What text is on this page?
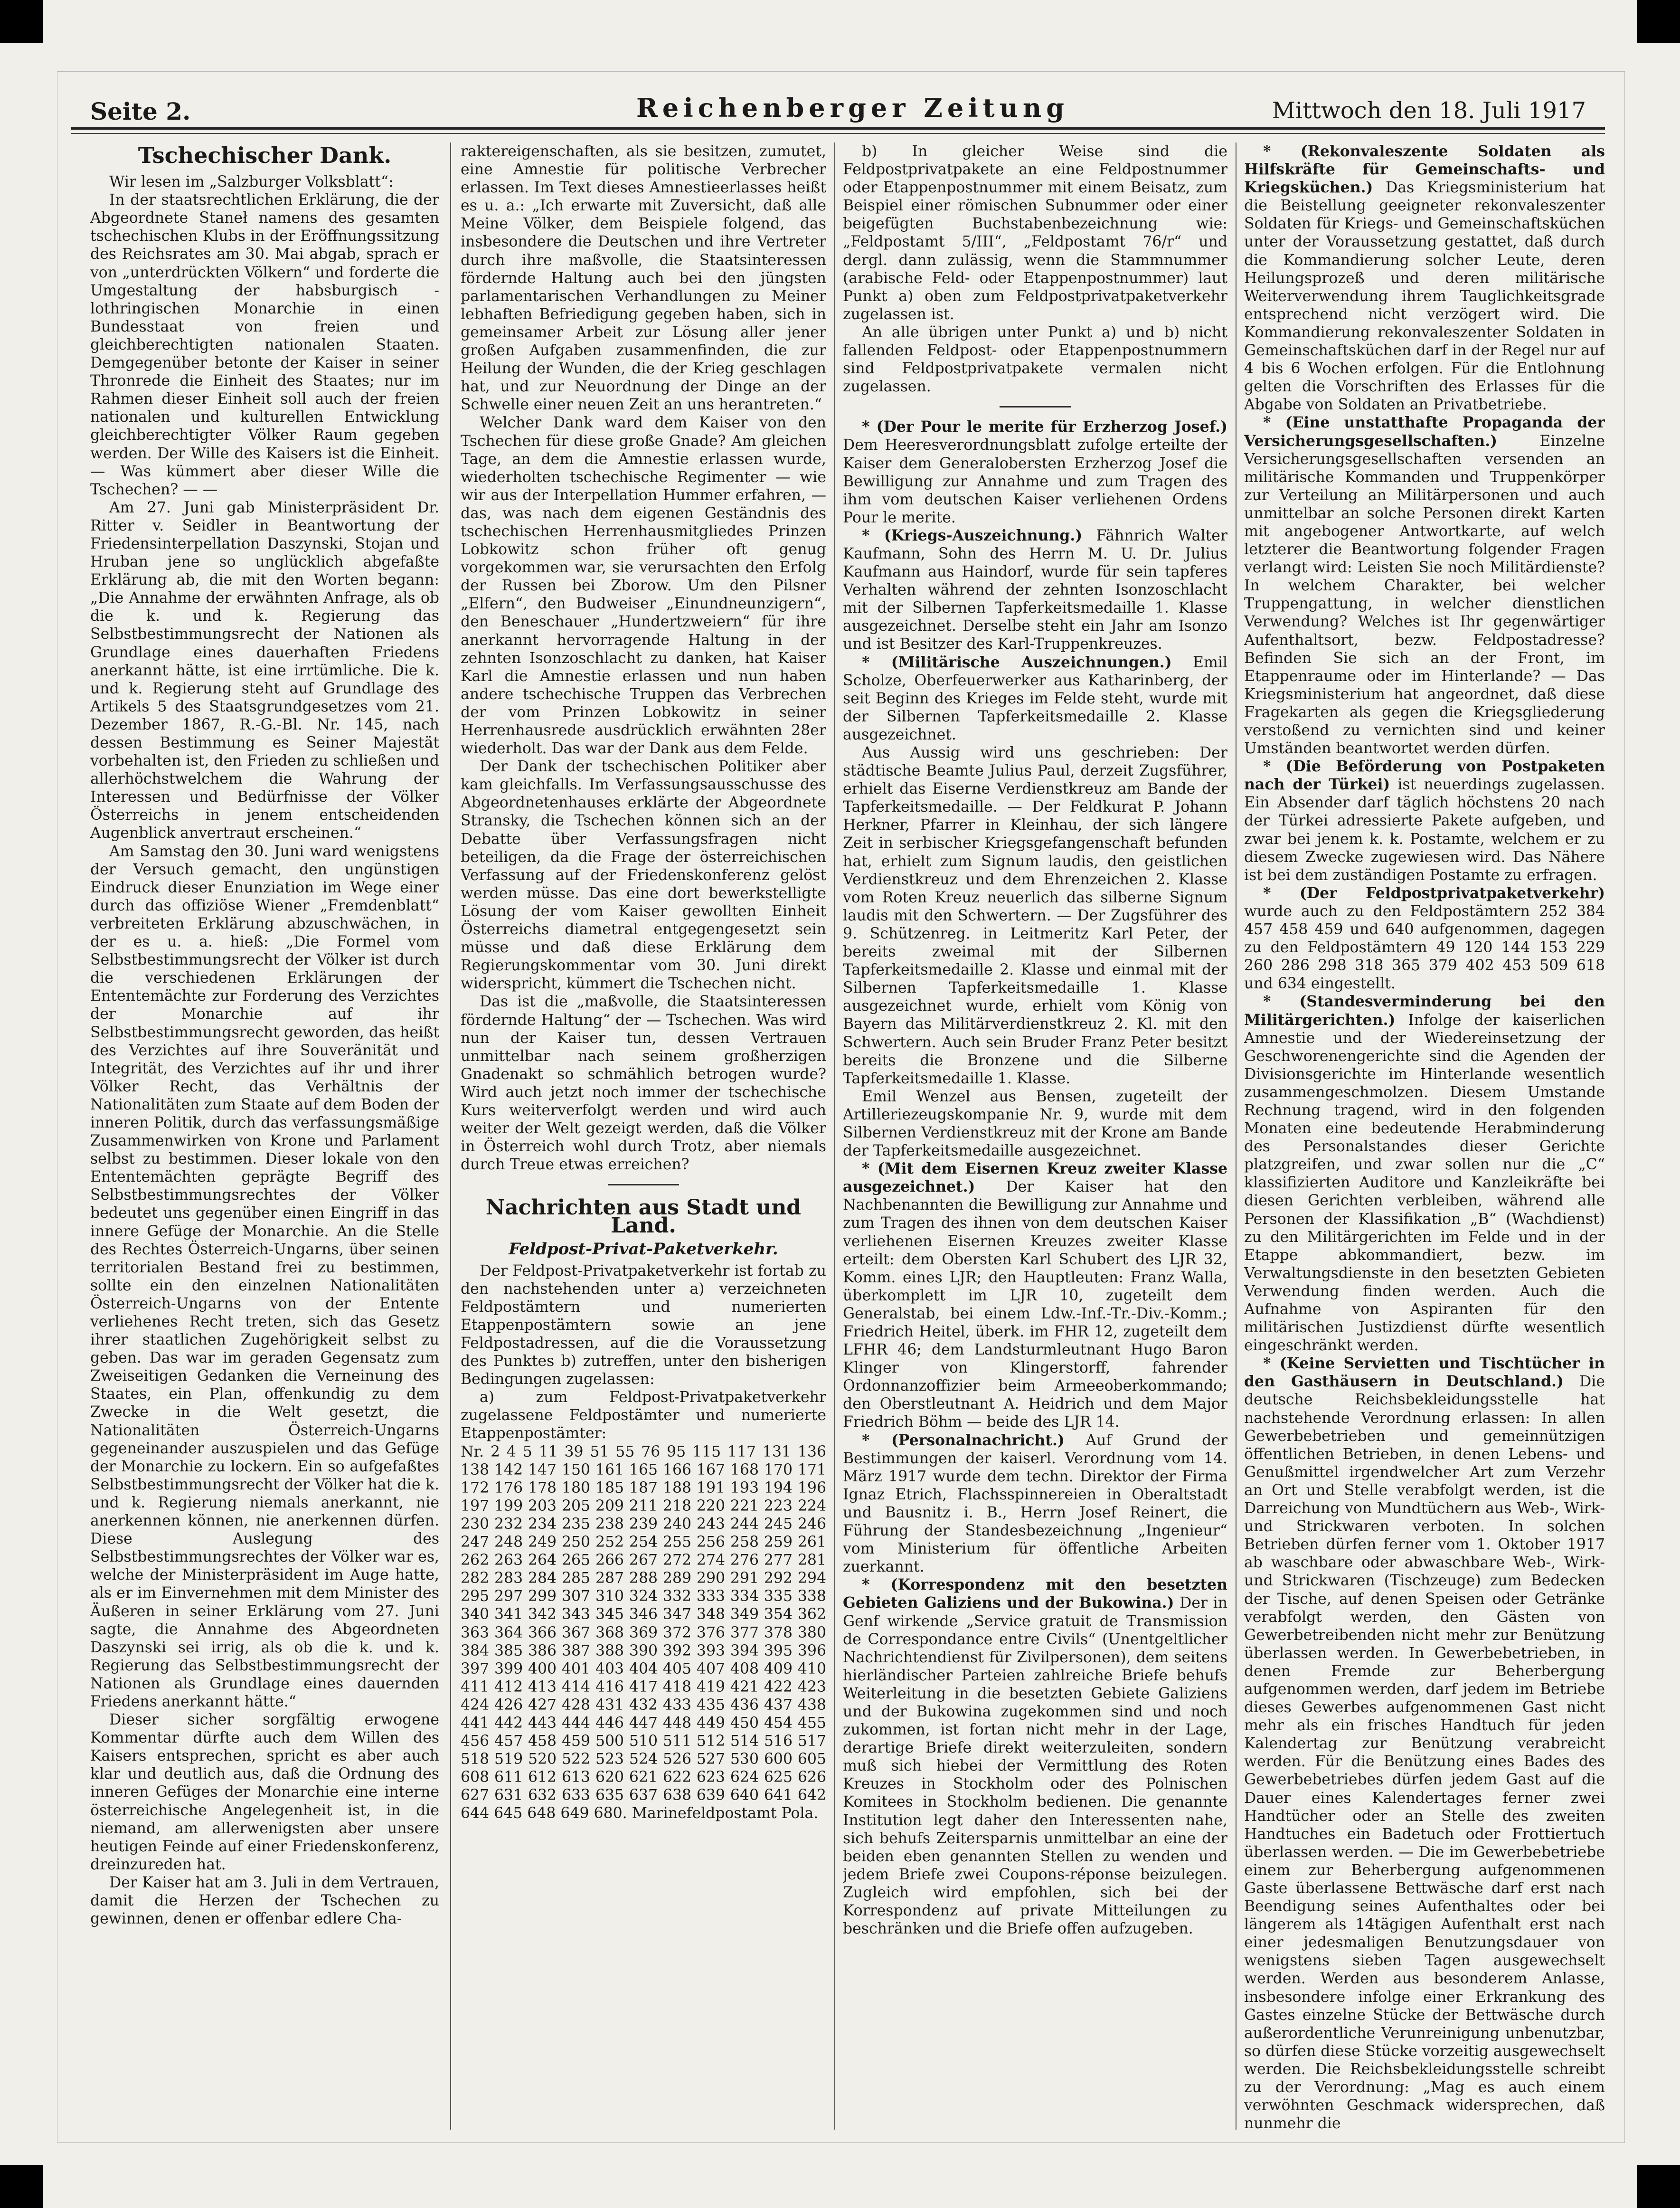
Seite 2.	Reichenberger Zeitung	Mittwoch den 18. Juli 1917
Tschechischer Dank.

Wir lesen im „Salzburger Volksblatt“:

In der staatsrechtlichen Erklärung, die der Abgeordnete Staneł namens des gesamten tschechischen Klubs in der Eröffnungssitzung des Reichsrates am 30. Mai abgab, sprach er von „unterdrückten Völkern“ und forderte die Umgestaltung der habsburgisch - lothringischen Monarchie in einen Bundesstaat von freien und gleichberechtigten nationalen Staaten. Demgegenüber betonte der Kaiser in seiner Thronrede die Einheit des Staates; nur im Rahmen dieser Einheit soll auch der freien nationalen und kulturellen Entwicklung gleichberechtigter Völker Raum gegeben werden. Der Wille des Kaisers ist die Einheit. — Was kümmert aber dieser Wille die Tschechen? — —

Am 27. Juni gab Ministerpräsident Dr. Ritter v. Seidler in Beantwortung der Friedensinterpellation Daszynski, Stojan und Hruban jene so unglücklich abgefaßte Erklärung ab, die mit den Worten begann: „Die Annahme der erwähnten Anfrage, als ob die k. und k. Regierung das Selbstbestimmungsrecht der Nationen als Grundlage eines dauerhaften Friedens anerkannt hätte, ist eine irrtümliche. Die k. und k. Regierung steht auf Grundlage des Artikels 5 des Staatsgrundgesetzes vom 21. Dezember 1867, R.-G.-Bl. Nr. 145, nach dessen Bestimmung es Seiner Majestät vorbehalten ist, den Frieden zu schließen und allerhöchstwelchem die Wahrung der Interessen und Bedürfnisse der Völker Österreichs in jenem entscheidenden Augenblick anvertraut erscheinen.“

Am Samstag den 30. Juni ward wenigstens der Versuch gemacht, den ungünstigen Eindruck dieser Enunziation im Wege einer durch das offiziöse Wiener „Fremdenblatt“ verbreiteten Erklärung abzuschwächen, in der es u. a. hieß: „Die Formel vom Selbstbestimmungsrecht der Völker ist durch die verschiedenen Erklärungen der Ententemächte zur Forderung des Verzichtes der Monarchie auf ihr Selbstbestimmungsrecht geworden, das heißt des Verzichtes auf ihre Souveränität und Integrität, des Verzichtes auf ihr und ihrer Völker Recht, das Verhältnis der Nationalitäten zum Staate auf dem Boden der inneren Politik, durch das verfassungsmäßige Zusammenwirken von Krone und Parlament selbst zu bestimmen. Dieser lokale von den Ententemächten geprägte Begriff des Selbstbestimmungsrechtes der Völker bedeutet uns gegenüber einen Eingriff in das innere Gefüge der Monarchie. An die Stelle des Rechtes Österreich-Ungarns, über seinen territorialen Bestand frei zu bestimmen, sollte ein den einzelnen Nationalitäten Österreich-Ungarns von der Entente verliehenes Recht treten, sich das Gesetz ihrer staatlichen Zugehörigkeit selbst zu geben. Das war im geraden Gegensatz zum Zweiseitigen Gedanken die Verneinung des Staates, ein Plan, offenkundig zu dem Zwecke in die Welt gesetzt, die Nationalitäten Österreich-Ungarns gegeneinander auszuspielen und das Gefüge der Monarchie zu lockern. Ein so aufgefaßtes Selbstbestimmungsrecht der Völker hat die k. und k. Regierung niemals anerkannt, nie anerkennen können, nie anerkennen dürfen. Diese Auslegung des Selbstbestimmungsrechtes der Völker war es, welche der Ministerpräsident im Auge hatte, als er im Einvernehmen mit dem Minister des Äußeren in seiner Erklärung vom 27. Juni sagte, die Annahme des Abgeordneten Daszynski sei irrig, als ob die k. und k. Regierung das Selbstbestimmungsrecht der Nationen als Grundlage eines dauernden Friedens anerkannt hätte.“

Dieser sicher sorgfältig erwogene Kommentar dürfte auch dem Willen des Kaisers entsprechen, spricht es aber auch klar und deutlich aus, daß die Ordnung des inneren Gefüges der Monarchie eine interne österreichische Angelegenheit ist, in die niemand, am allerwenigsten aber unsere heutigen Feinde auf einer Friedenskonferenz, dreinzureden hat.

Der Kaiser hat am 3. Juli in dem Vertrauen, damit die Herzen der Tschechen zu gewinnen, denen er offenbar edlere Cha-

raktereigenschaften, als sie besitzen, zumutet, eine Amnestie für politische Verbrecher erlassen. Im Text dieses Amnestieerlasses heißt es u. a.: „Ich erwarte mit Zuversicht, daß alle Meine Völker, dem Beispiele folgend, das insbesondere die Deutschen und ihre Vertreter durch ihre maßvolle, die Staatsinteressen fördernde Haltung auch bei den jüngsten parlamentarischen Verhandlungen zu Meiner lebhaften Befriedigung gegeben haben, sich in gemeinsamer Arbeit zur Lösung aller jener großen Aufgaben zusammenfinden, die zur Heilung der Wunden, die der Krieg geschlagen hat, und zur Neuordnung der Dinge an der Schwelle einer neuen Zeit an uns herantreten.“

Welcher Dank ward dem Kaiser von den Tschechen für diese große Gnade? Am gleichen Tage, an dem die Amnestie erlassen wurde, wiederholten tschechische Regimenter — wie wir aus der Interpellation Hummer erfahren, — das, was nach dem eigenen Geständnis des tschechischen Herrenhausmitgliedes Prinzen Lobkowitz schon früher oft genug vorgekommen war, sie verursachten den Erfolg der Russen bei Zborow. Um den Pilsner „Elfern“, den Budweiser „Einundneunzigern“, den Beneschauer „Hundertzweiern“ für ihre anerkannt hervorragende Haltung in der zehnten Isonzoschlacht zu danken, hat Kaiser Karl die Amnestie erlassen und nun haben andere tschechische Truppen das Verbrechen der vom Prinzen Lobkowitz in seiner Herrenhausrede ausdrücklich erwähnten 28er wiederholt. Das war der Dank aus dem Felde.

Der Dank der tschechischen Politiker aber kam gleichfalls. Im Verfassungsausschusse des Abgeordnetenhauses erklärte der Abgeordnete Stransky, die Tschechen können sich an der Debatte über Verfassungsfragen nicht beteiligen, da die Frage der österreichischen Verfassung auf der Friedenskonferenz gelöst werden müsse. Das eine dort bewerkstelligte Lösung der vom Kaiser gewollten Einheit Österreichs diametral entgegengesetzt sein müsse und daß diese Erklärung dem Regierungskommentar vom 30. Juni direkt widerspricht, kümmert die Tschechen nicht.

Das ist die „maßvolle, die Staatsinteressen fördernde Haltung“ der — Tschechen. Was wird nun der Kaiser tun, dessen Vertrauen unmittelbar nach seinem großherzigen Gnadenakt so schmählich betrogen wurde? Wird auch jetzt noch immer der tschechische Kurs weiterverfolgt werden und wird auch weiter der Welt gezeigt werden, daß die Völker in Österreich wohl durch Trotz, aber niemals durch Treue etwas erreichen?

Nachrichten aus Stadt und Land.
Feldpost-Privat-Paketverkehr.

Der Feldpost-Privatpaketverkehr ist fortab zu den nachstehenden unter a) verzeichneten Feldpostämtern und numerierten Etappenpostämtern sowie an jene Feldpostadressen, auf die die Voraussetzung des Punktes b) zutreffen, unter den bisherigen Bedingungen zugelassen:

a) zum Feldpost-Privatpaketverkehr zugelassene Feldpostämter und numerierte Etappenpostämter:

Nr. 2 4 5 11 39 51 55 76 95 115 117 131 136 138 142 147 150 161 165 166 167 168 170 171 172 176 178 180 185 187 188 191 193 194 196 197 199 203 205 209 211 218 220 221 223 224 230 232 234 235 238 239 240 243 244 245 246 247 248 249 250 252 254 255 256 258 259 261 262 263 264 265 266 267 272 274 276 277 281 282 283 284 285 287 288 289 290 291 292 294 295 297 299 307 310 324 332 333 334 335 338 340 341 342 343 345 346 347 348 349 354 362 363 364 366 367 368 369 372 376 377 378 380 384 385 386 387 388 390 392 393 394 395 396 397 399 400 401 403 404 405 407 408 409 410 411 412 413 414 416 417 418 419 421 422 423 424 426 427 428 431 432 433 435 436 437 438 441 442 443 444 446 447 448 449 450 454 455 456 457 458 459 500 510 511 512 514 516 517 518 519 520 522 523 524 526 527 530 600 605 608 611 612 613 620 621 622 623 624 625 626 627 631 632 633 635 637 638 639 640 641 642 644 645 648 649 680. Marinefeldpostamt Pola.

b) In gleicher Weise sind die Feldpostprivatpakete an eine Feldpostnummer oder Etappenpostnummer mit einem Beisatz, zum Beispiel einer römischen Subnummer oder einer beigefügten Buchstabenbezeichnung wie: „Feldpostamt 5/III“, „Feldpostamt 76/r“ und dergl. dann zulässig, wenn die Stammnummer (arabische Feld- oder Etappenpostnummer) laut Punkt a) oben zum Feldpostprivatpaketverkehr zugelassen ist.

An alle übrigen unter Punkt a) und b) nicht fallenden Feldpost- oder Etappenpostnummern sind Feldpostprivatpakete vermalen nicht zugelassen.

* (Der Pour le merite für Erzherzog Josef.) Dem Heeresverordnungsblatt zufolge erteilte der Kaiser dem Generalobersten Erzherzog Josef die Bewilligung zur Annahme und zum Tragen des ihm vom deutschen Kaiser verliehenen Ordens Pour le merite.

* (Kriegs-Auszeichnung.) Fähnrich Walter Kaufmann, Sohn des Herrn M. U. Dr. Julius Kaufmann aus Haindorf, wurde für sein tapferes Verhalten während der zehnten Isonzoschlacht mit der Silbernen Tapferkeitsmedaille 1. Klasse ausgezeichnet. Derselbe steht ein Jahr am Isonzo und ist Besitzer des Karl-Truppenkreuzes.

* (Militärische Auszeichnungen.) Emil Scholze, Oberfeuerwerker aus Katharinberg, der seit Beginn des Krieges im Felde steht, wurde mit der Silbernen Tapferkeitsmedaille 2. Klasse ausgezeichnet.

Aus Aussig wird uns geschrieben: Der städtische Beamte Julius Paul, derzeit Zugsführer, erhielt das Eiserne Verdienstkreuz am Bande der Tapferkeitsmedaille. — Der Feldkurat P. Johann Herkner, Pfarrer in Kleinhau, der sich längere Zeit in serbischer Kriegsgefangenschaft befunden hat, erhielt zum Signum laudis, den geistlichen Verdienstkreuz und dem Ehrenzeichen 2. Klasse vom Roten Kreuz neuerlich das silberne Signum laudis mit den Schwertern. — Der Zugsführer des 9. Schützenreg. in Leitmeritz Karl Peter, der bereits zweimal mit der Silbernen Tapferkeitsmedaille 2. Klasse und einmal mit der Silbernen Tapferkeitsmedaille 1. Klasse ausgezeichnet wurde, erhielt vom König von Bayern das Militärverdienstkreuz 2. Kl. mit den Schwertern. Auch sein Bruder Franz Peter besitzt bereits die Bronzene und die Silberne Tapferkeitsmedaille 1. Klasse.

Emil Wenzel aus Bensen, zugeteilt der Artilleriezeugskompanie Nr. 9, wurde mit dem Silbernen Verdienstkreuz mit der Krone am Bande der Tapferkeitsmedaille ausgezeichnet.

* (Mit dem Eisernen Kreuz zweiter Klasse ausgezeichnet.) Der Kaiser hat den Nachbenannten die Bewilligung zur Annahme und zum Tragen des ihnen von dem deutschen Kaiser verliehenen Eisernen Kreuzes zweiter Klasse erteilt: dem Obersten Karl Schubert des LJR 32, Komm. eines LJR; den Hauptleuten: Franz Walla, überkomplett im LJR 10, zugeteilt dem Generalstab, bei einem Ldw.-Inf.-Tr.-Div.-Komm.; Friedrich Heitel, überk. im FHR 12, zugeteilt dem LFHR 46; dem Landsturmleutnant Hugo Baron Klinger von Klingerstorff, fahrender Ordonnanzoffizier beim Armeeoberkommando; den Oberstleutnant A. Heidrich und dem Major Friedrich Böhm — beide des LJR 14.

* (Personalnachricht.) Auf Grund der Bestimmungen der kaiserl. Verordnung vom 14. März 1917 wurde dem techn. Direktor der Firma Ignaz Etrich, Flachsspinnereien in Oberaltstadt und Bausnitz i. B., Herrn Josef Reinert, die Führung der Standesbezeichnung „Ingenieur“ vom Ministerium für öffentliche Arbeiten zuerkannt.

* (Korrespondenz mit den besetzten Gebieten Galiziens und der Bukowina.) Der in Genf wirkende „Service gratuit de Transmission de Correspondance entre Civils“ (Unentgeltlicher Nachrichtendienst für Zivilpersonen), dem seitens hierländischer Parteien zahlreiche Briefe behufs Weiterleitung in die besetzten Gebiete Galiziens und der Bukowina zugekommen sind und noch zukommen, ist fortan nicht mehr in der Lage, derartige Briefe direkt weiterzuleiten, sondern muß sich hiebei der Vermittlung des Roten Kreuzes in Stockholm oder des Polnischen Komitees in Stockholm bedienen. Die genannte Institution legt daher den Interessenten nahe, sich behufs Zeitersparnis unmittelbar an eine der beiden eben genannten Stellen zu wenden und jedem Briefe zwei Coupons-réponse beizulegen. Zugleich wird empfohlen, sich bei der Korrespondenz auf private Mitteilungen zu beschränken und die Briefe offen aufzugeben.

* (Rekonvaleszente Soldaten als Hilfskräfte für Gemeinschafts- und Kriegsküchen.) Das Kriegsministerium hat die Beistellung geeigneter rekonvaleszenter Soldaten für Kriegs- und Gemeinschaftsküchen unter der Voraussetzung gestattet, daß durch die Kommandierung solcher Leute, deren Heilungsprozeß und deren militärische Weiterverwendung ihrem Tauglichkeitsgrade entsprechend nicht verzögert wird. Die Kommandierung rekonvaleszenter Soldaten in Gemeinschaftsküchen darf in der Regel nur auf 4 bis 6 Wochen erfolgen. Für die Entlohnung gelten die Vorschriften des Erlasses für die Abgabe von Soldaten an Privatbetriebe.

* (Eine unstatthafte Propaganda der Versicherungsgesellschaften.)	Einzelne Versicherungsgesellschaften versenden an militärische Kommanden und Truppenkörper zur Verteilung an Militärpersonen und auch unmittelbar an solche Personen direkt Karten mit angebogener Antwortkarte, auf welch letzterer die Beantwortung folgender Fragen verlangt wird: Leisten Sie noch Militärdienste? In welchem Charakter, bei welcher Truppengattung, in welcher dienstlichen Verwendung? Welches ist Ihr gegenwärtiger Aufenthaltsort, bezw. Feldpostadresse? Befinden Sie sich an der Front, im Etappenraume oder im Hinterlande? — Das Kriegsministerium hat angeordnet, daß diese Fragekarten als gegen die Kriegsgliederung verstoßend zu vernichten sind und keiner Umständen beantwortet werden dürfen.

* (Die Beförderung von Postpaketen nach der Türkei) ist neuerdings zugelassen. Ein Absender darf täglich höchstens 20 nach der Türkei adressierte Pakete aufgeben, und zwar bei jenem k. k. Postamte, welchem er zu diesem Zwecke zugewiesen wird. Das Nähere ist bei dem zuständigen Postamte zu erfragen.

* (Der Feldpostprivatpaketverkehr) wurde auch zu den Feldpostämtern 252 384 457 458 459 und 640 aufgenommen, dagegen zu den Feldpostämtern 49 120 144 153 229 260 286 298 318 365 379 402 453 509 618 und 634 eingestellt.

* (Standesverminderung bei den Militärgerichten.) Infolge der kaiserlichen Amnestie und der Wiedereinsetzung der Geschworenengerichte sind die Agenden der Divisionsgerichte im Hinterlande wesentlich zusammengeschmolzen. Diesem Umstande Rechnung tragend, wird in den folgenden Monaten eine bedeutende Herabminderung des Personalstandes dieser Gerichte platzgreifen, und zwar sollen nur die „C“ klassifizierten Auditore und Kanzleikräfte bei diesen Gerichten verbleiben, während alle Personen der Klassifikation „B“ (Wachdienst) zu den Militärgerichten im Felde und in der Etappe abkommandiert, bezw. im Verwaltungsdienste in den besetzten Gebieten Verwendung finden werden. Auch die Aufnahme von Aspiranten für den militärischen Justizdienst dürfte wesentlich eingeschränkt werden.

* (Keine Servietten und Tischtücher in den Gasthäusern in Deutschland.) Die deutsche Reichsbekleidungsstelle hat nachstehende Verordnung erlassen: In allen Gewerbebetrieben und gemeinnützigen öffentlichen Betrieben, in denen Lebens- und Genußmittel irgendwelcher Art zum Verzehr an Ort und Stelle verabfolgt werden, ist die Darreichung von Mundtüchern aus Web-, Wirk- und Strickwaren verboten. In solchen Betrieben dürfen ferner vom 1. Oktober 1917 ab waschbare oder abwaschbare Web-, Wirk- und Strickwaren (Tischzeuge) zum Bedecken der Tische, auf denen Speisen oder Getränke verabfolgt werden, den Gästen von Gewerbetreibenden nicht mehr zur Benützung überlassen werden. In Gewerbebetrieben, in denen Fremde zur Beherbergung aufgenommen werden, darf jedem im Betriebe dieses Gewerbes aufgenommenen Gast nicht mehr als ein frisches Handtuch für jeden Kalendertag zur Benützung verabreicht werden. Für die Benützung eines Bades des Gewerbebetriebes dürfen jedem Gast auf die Dauer eines Kalendertages ferner zwei Handtücher oder an Stelle des zweiten Handtuches ein Badetuch oder Frottiertuch überlassen werden. — Die im Gewerbebetriebe einem zur Beherbergung aufgenommenen Gaste überlassene Bettwäsche darf erst nach Beendigung seines Aufenthaltes oder bei längerem als 14tägigen Aufenthalt erst nach einer jedesmaligen Benutzungsdauer von wenigstens sieben Tagen ausgewechselt werden. Werden aus besonderem Anlasse, insbesondere infolge einer Erkrankung des Gastes einzelne Stücke der Bettwäsche durch außerordentliche Verunreinigung unbenutzbar, so dürfen diese Stücke vorzeitig ausgewechselt werden. Die Reichsbekleidungsstelle schreibt zu der Verordnung: „Mag es auch einem verwöhnten Geschmack widersprechen, daß nunmehr die
